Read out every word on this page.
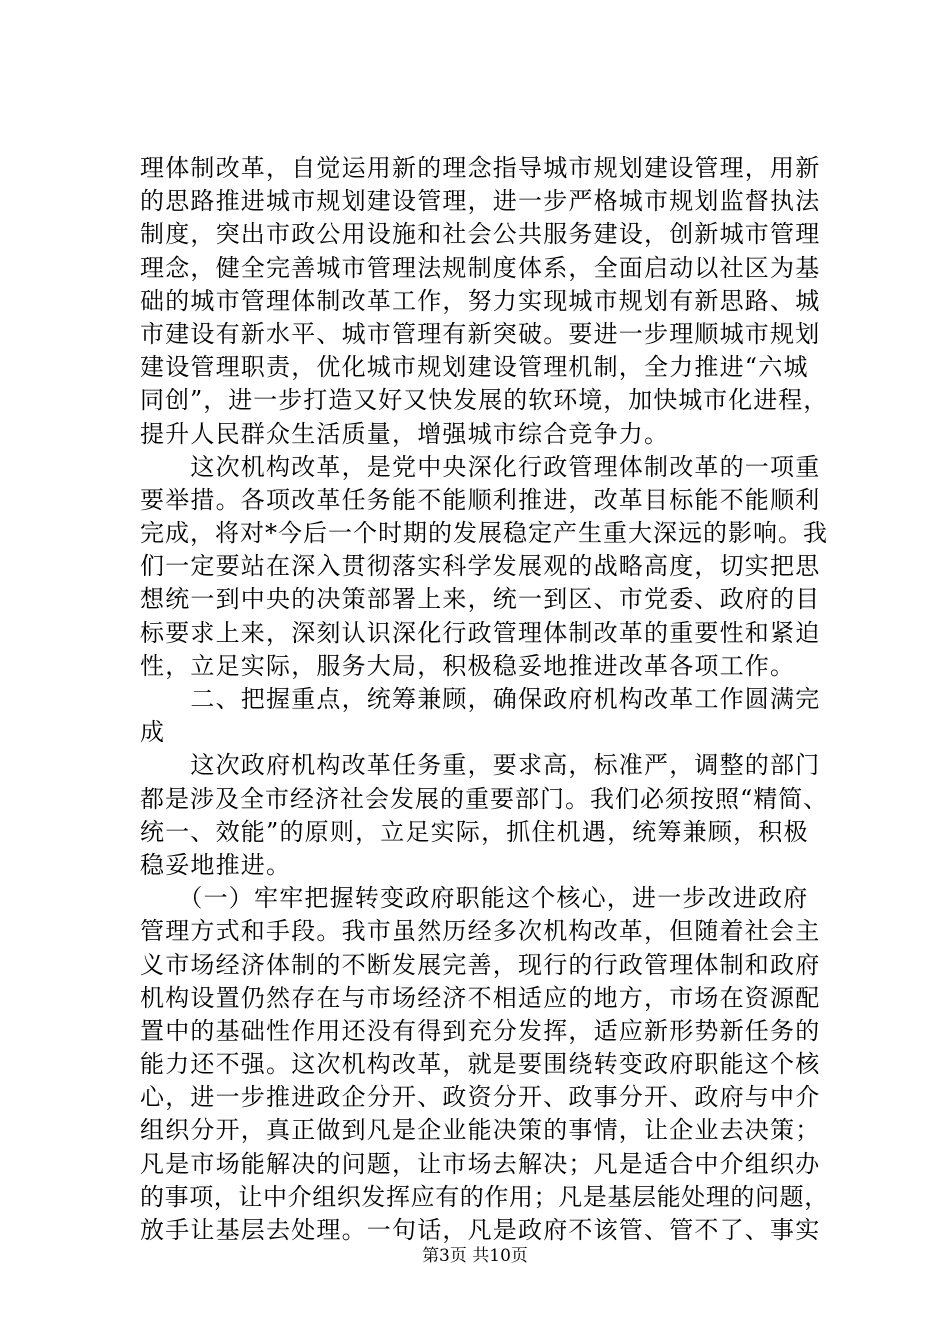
理体制改革，自觉运用新的理念指导城市规划建设管理，用新
的思路推进城市规划建设管理，进一步严格城市规划监督执法
制度，突出市政公用设施和社会公共服务建设，创新城市管理
理念，健全完善城市管理法规制度体系，全面启动以社区为基
础的城市管理体制改革工作，努力实现城市规划有新思路、城
市建设有新水平、城市管理有新突破。要进一步理顺城市规划
建设管理职责，优化城市规划建设管理机制，全力推进“六城
同创”，进一步打造又好又快发展的软环境，加快城市化进程，
提升人民群众生活质量，增强城市综合竞争力。
　　这次机构改革，是党中央深化行政管理体制改革的一项重
要举措。各项改革任务能不能顺利推进，改革目标能不能顺利
完成，将对*今后一个时期的发展稳定产生重大深远的影响。我
们一定要站在深入贯彻落实科学发展观的战略高度，切实把思
想统一到中央的决策部署上来，统一到区、市党委、政府的目
标要求上来，深刻认识深化行政管理体制改革的重要性和紧迫
性，立足实际，服务大局，积极稳妥地推进改革各项工作。
　　二、把握重点，统筹兼顾，确保政府机构改革工作圆满完
成
　　这次政府机构改革任务重，要求高，标准严，调整的部门
都是涉及全市经济社会发展的重要部门。我们必须按照“精简、
统一、效能”的原则，立足实际，抓住机遇，统筹兼顾，积极
稳妥地推进。
　　（一）牢牢把握转变政府职能这个核心，进一步改进政府
管理方式和手段。我市虽然历经多次机构改革，但随着社会主
义市场经济体制的不断发展完善，现行的行政管理体制和政府
机构设置仍然存在与市场经济不相适应的地方，市场在资源配
置中的基础性作用还没有得到充分发挥，适应新形势新任务的
能力还不强。这次机构改革，就是要围绕转变政府职能这个核
心，进一步推进政企分开、政资分开、政事分开、政府与中介
组织分开，真正做到凡是企业能决策的事情，让企业去决策；
凡是市场能解决的问题，让市场去解决；凡是适合中介组织办
的事项，让中介组织发挥应有的作用；凡是基层能处理的问题，
放手让基层去处理。一句话，凡是政府不该管、管不了、事实
第3页 共10页
